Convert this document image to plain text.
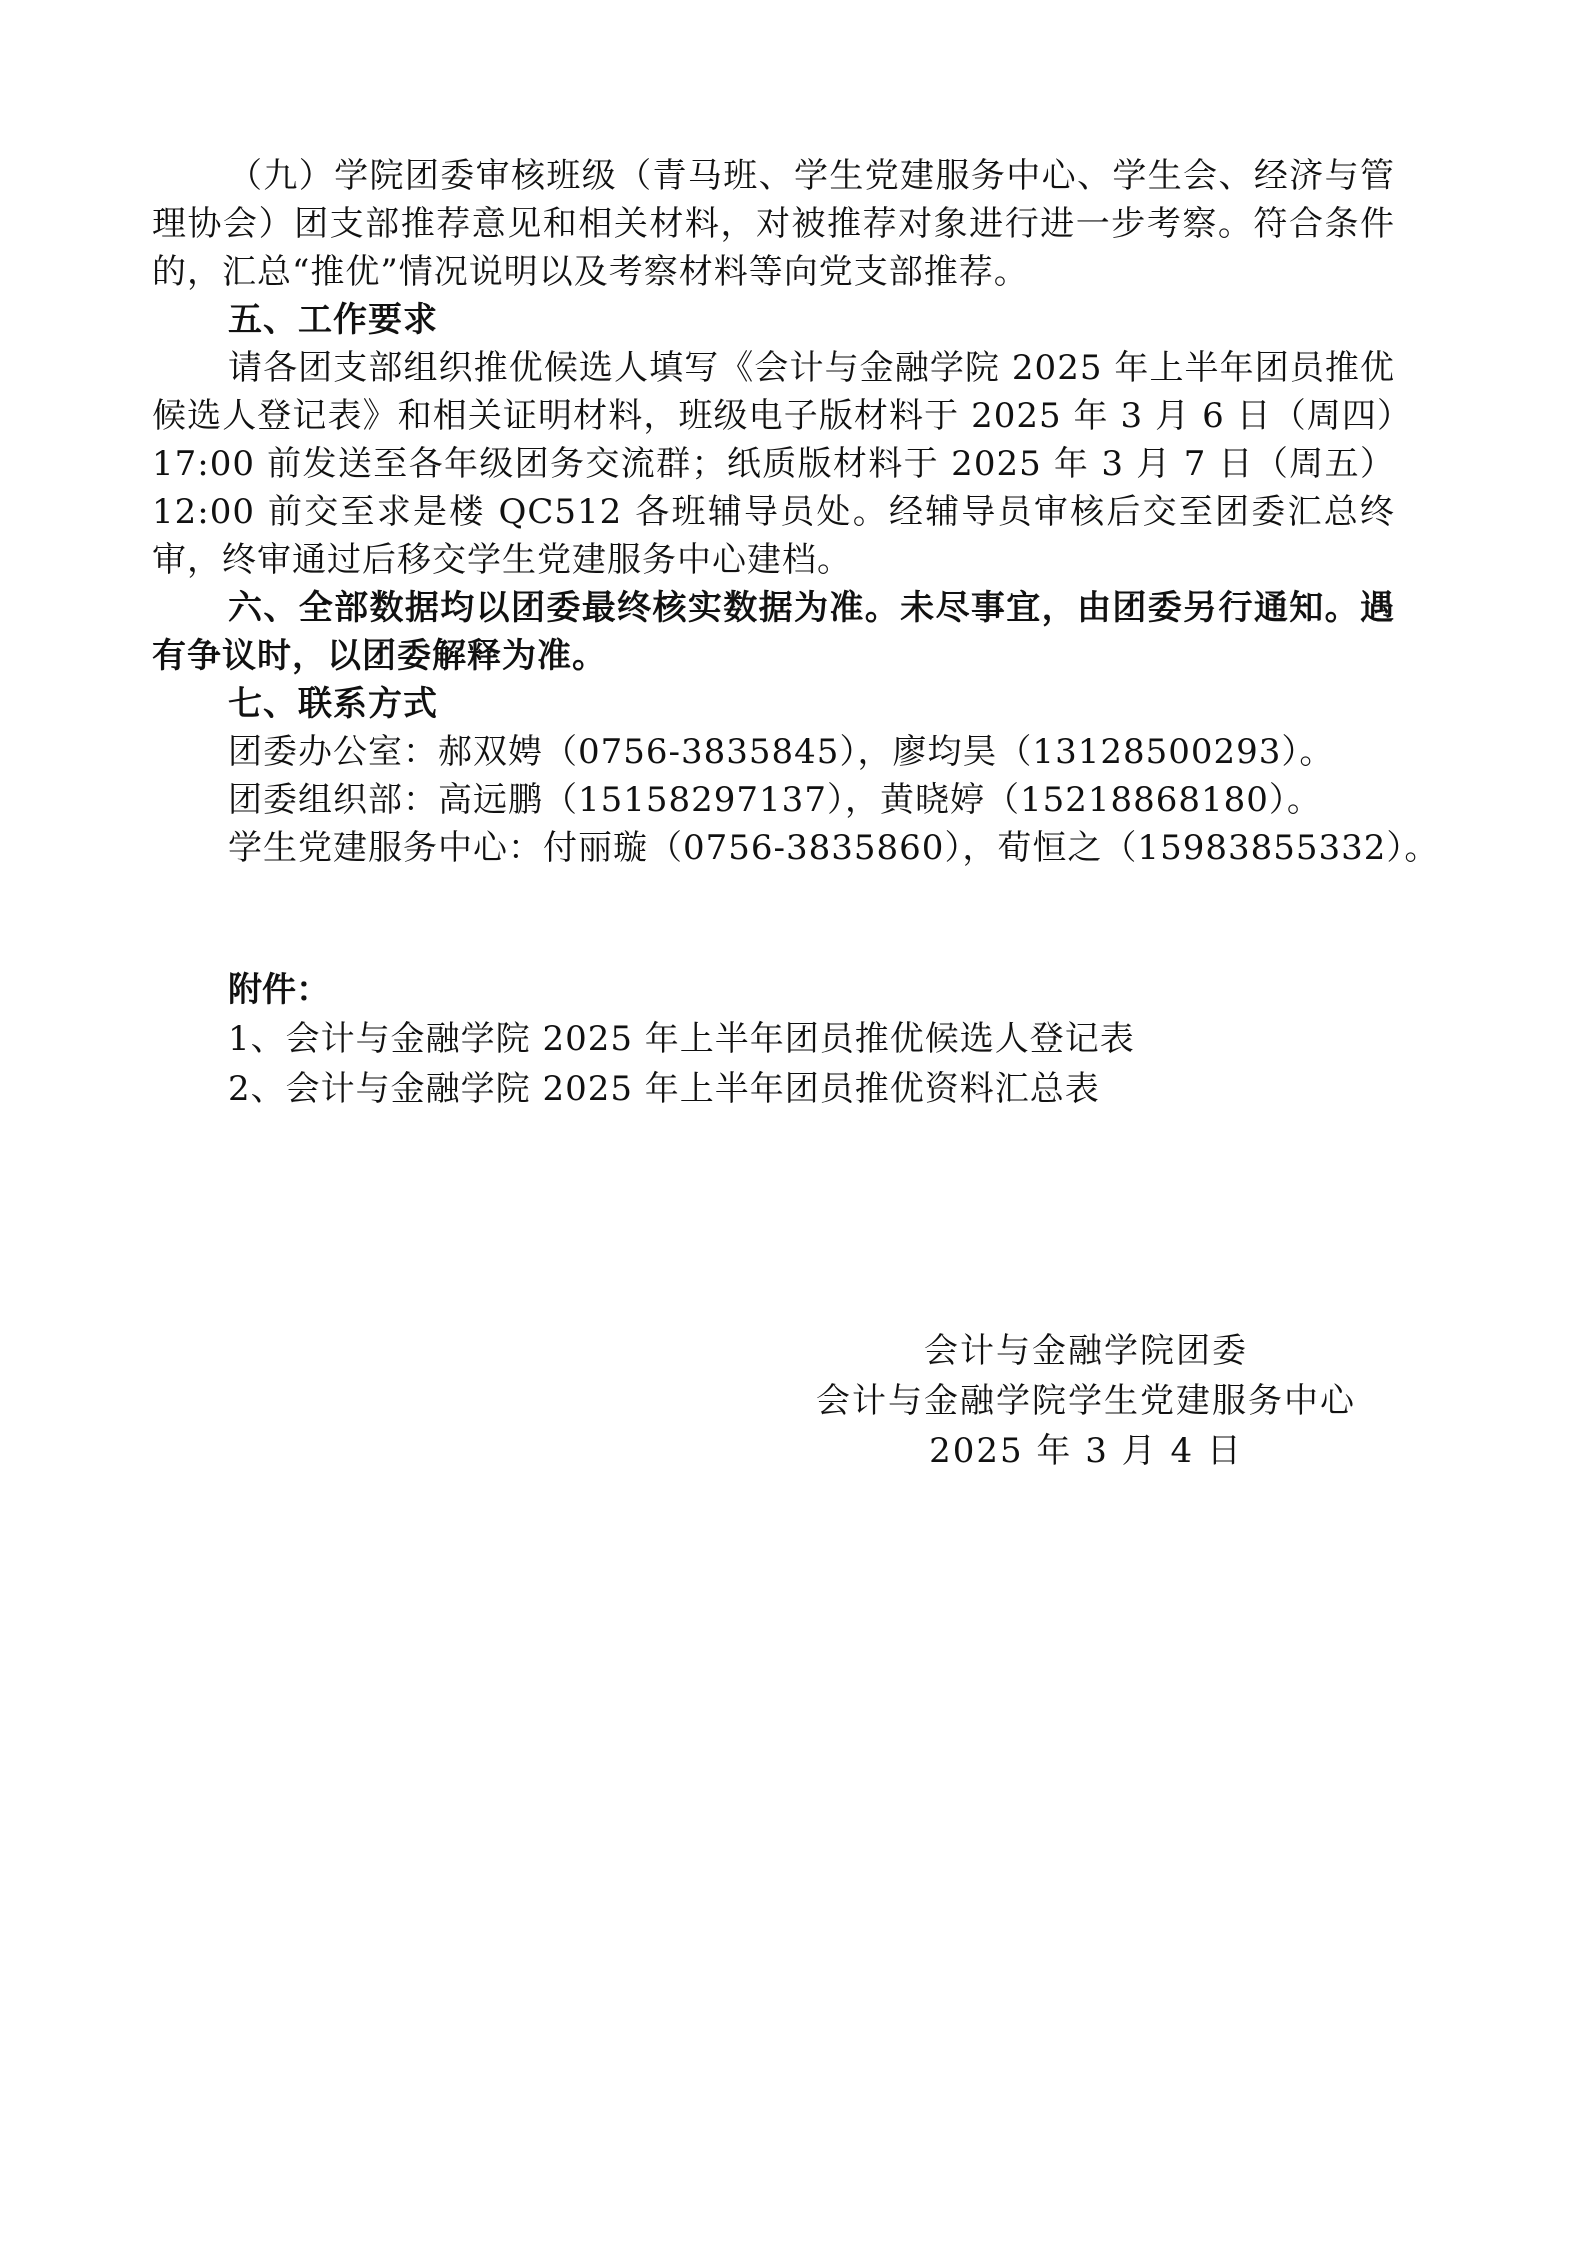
（九）学院团委审核班级（青马班、学生党建服务中心、学生会、经济与管理协会）团支部推荐意见和相关材料，对被推荐对象进行进一步考察。符合条件的，汇总“推优”情况说明以及考察材料等向党支部推荐。

五、工作要求

请各团支部组织推优候选人填写《会计与金融学院 2025 年上半年团员推优候选人登记表》和相关证明材料，班级电子版材料于 2025 年 3 月 6 日（周四）17:00 前发送至各年级团务交流群；纸质版材料于 2025 年 3 月 7 日（周五）12:00 前交至求是楼 QC512 各班辅导员处。经辅导员审核后交至团委汇总终审，终审通过后移交学生党建服务中心建档。

六、全部数据均以团委最终核实数据为准。未尽事宜，由团委另行通知。遇有争议时，以团委解释为准。

七、联系方式

团委办公室：郝双娉（0756-3835845），廖均昊（13128500293）。

团委组织部：高远鹏（15158297137），黄晓婷（15218868180）。

学生党建服务中心：付丽璇（0756-3835860），荀恒之（15983855332）。

附件：
1、会计与金融学院 2025 年上半年团员推优候选人登记表
2、会计与金融学院 2025 年上半年团员推优资料汇总表
会计与金融学院团委
会计与金融学院学生党建服务中心
2025 年 3 月 4 日
